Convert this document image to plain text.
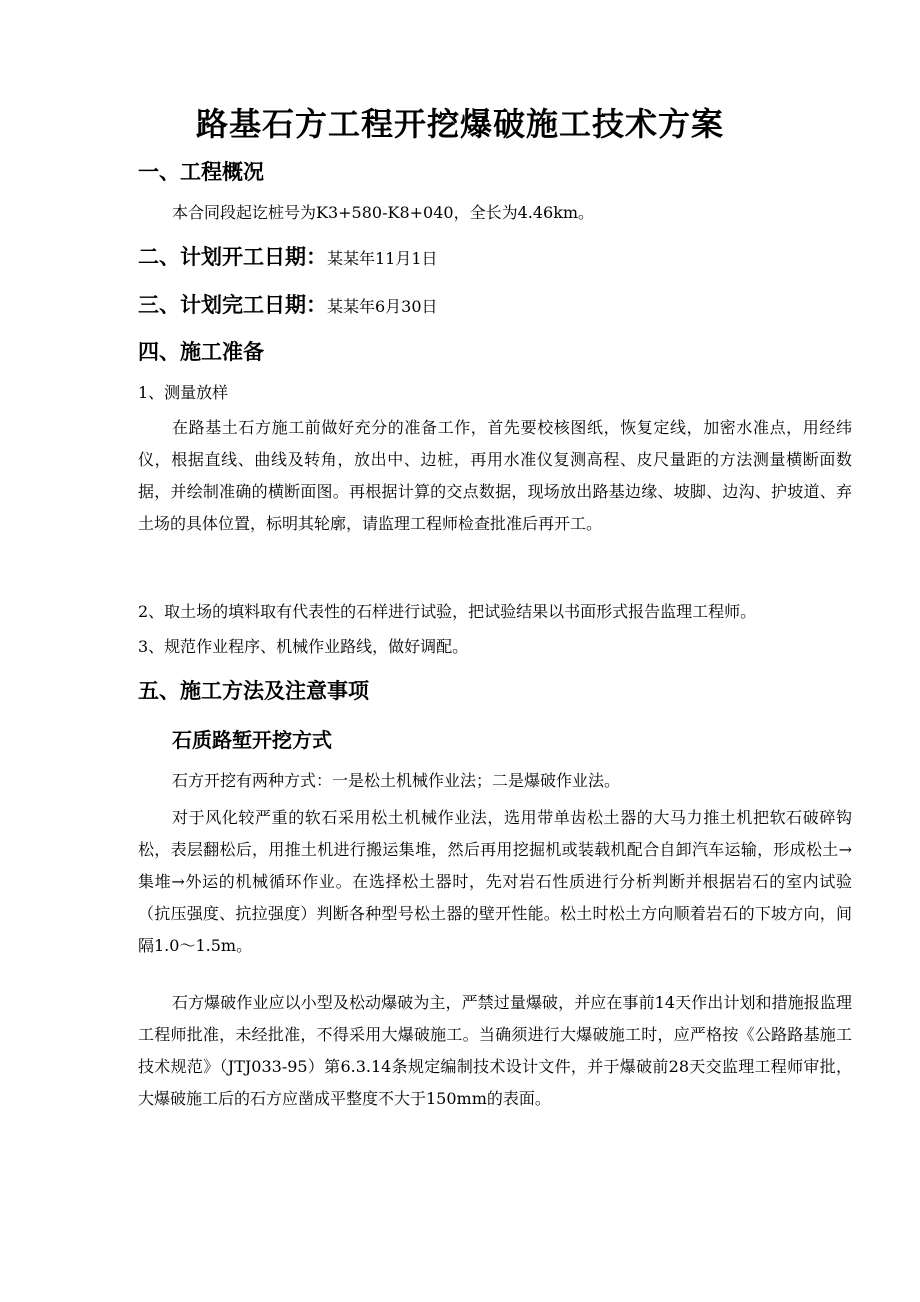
路基石方工程开挖爆破施工技术方案
一、工程概况
本合同段起讫桩号为K3+580-K8+040，全长为4.46km。
二、计划开工日期：某某年11月1日
三、计划完工日期：某某年6月30日
四、施工准备
1、测量放样
在路基土石方施工前做好充分的准备工作，首先要校核图纸，恢复定线，加密水准点，用经纬仪，根据直线、曲线及转角，放出中、边桩，再用水准仪复测高程、皮尺量距的方法测量横断面数据，并绘制准确的横断面图。再根据计算的交点数据，现场放出路基边缘、坡脚、边沟、护坡道、弃土场的具体位置，标明其轮廓，请监理工程师检查批准后再开工。
2、取土场的填料取有代表性的石样进行试验，把试验结果以书面形式报告监理工程师。
3、规范作业程序、机械作业路线，做好调配。
五、施工方法及注意事项
石质路堑开挖方式
石方开挖有两种方式：一是松土机械作业法；二是爆破作业法。
对于风化较严重的软石采用松土机械作业法，选用带单齿松土器的大马力推土机把软石破碎钩松，表层翻松后，用推土机进行搬运集堆，然后再用挖掘机或装载机配合自卸汽车运输，形成松土→集堆→外运的机械循环作业。在选择松土器时，先对岩石性质进行分析判断并根据岩石的室内试验（抗压强度、抗拉强度）判断各种型号松土器的壁开性能。松土时松土方向顺着岩石的下坡方向，间隔1.0～1.5m。
石方爆破作业应以小型及松动爆破为主，严禁过量爆破，并应在事前14天作出计划和措施报监理工程师批准，未经批准，不得采用大爆破施工。当确须进行大爆破施工时，应严格按《公路路基施工技术规范》（JTJ033-95）第6.3.14条规定编制技术设计文件，并于爆破前28天交监理工程师审批，大爆破施工后的石方应凿成平整度不大于150mm的表面。
